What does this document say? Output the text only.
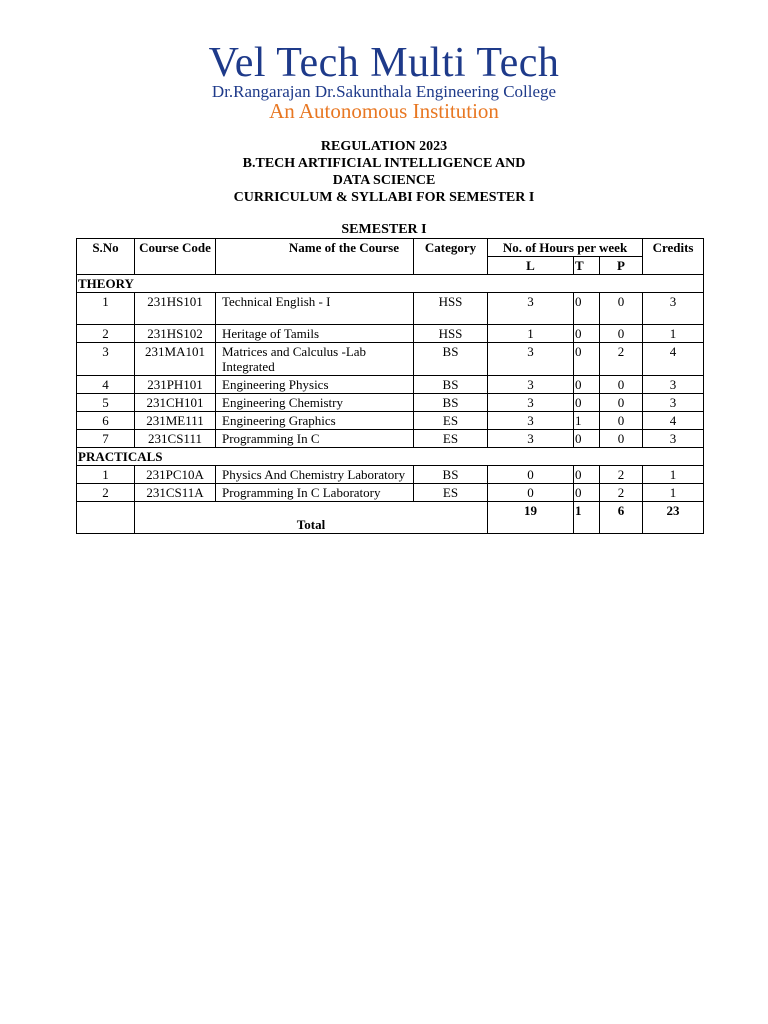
Vel Tech Multi Tech
Dr.Rangarajan Dr.Sakunthala Engineering College
An Autonomous Institution
REGULATION 2023
B.TECH ARTIFICIAL INTELLIGENCE AND
DATA SCIENCE
CURRICULUM & SYLLABI FOR SEMESTER I
SEMESTER I
S.No	Course Code	Name of the Course	Category	No. of Hours per week			Credits
				L	T	P	
THEORY							
1	231HS101	Technical English - I	HSS	3	0	0	3
2	231HS102	Heritage of Tamils	HSS	1	0	0	1
3	231MA101	Matrices and Calculus -Lab Integrated	BS	3	0	2	4
4	231PH101	Engineering Physics	BS	3	0	0	3
5	231CH101	Engineering Chemistry	BS	3	0	0	3
6	231ME111	Engineering Graphics	ES	3	1	0	4
7	231CS111	Programming In C	ES	3	0	0	3
PRACTICALS							
1	231PC10A	Physics And Chemistry Laboratory	BS	0	0	2	1
2	231CS11A	Programming In C Laboratory	ES	0	0	2	1
	Total			19	1	6	23
